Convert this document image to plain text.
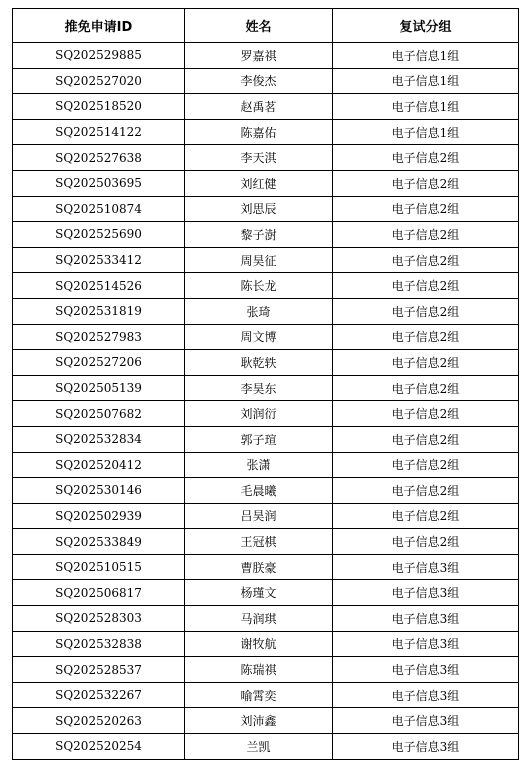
推免申请ID	姓名	复试分组
SQ202529885	罗嘉祺	电子信息1组
SQ202527020	李俊杰	电子信息1组
SQ202518520	赵禹茗	电子信息1组
SQ202514122	陈嘉佑	电子信息1组
SQ202527638	李天淇	电子信息2组
SQ202503695	刘红健	电子信息2组
SQ202510874	刘思辰	电子信息2组
SQ202525690	黎子澍	电子信息2组
SQ202533412	周昊征	电子信息2组
SQ202514526	陈长龙	电子信息2组
SQ202531819	张琦	电子信息2组
SQ202527983	周文博	电子信息2组
SQ202527206	耿乾轶	电子信息2组
SQ202505139	李昊东	电子信息2组
SQ202507682	刘润衍	电子信息2组
SQ202532834	郭子瑄	电子信息2组
SQ202520412	张潇	电子信息2组
SQ202530146	毛晨曦	电子信息2组
SQ202502939	吕昊润	电子信息2组
SQ202533849	王冠棋	电子信息2组
SQ202510515	曹朕豪	电子信息3组
SQ202506817	杨瑾文	电子信息3组
SQ202528303	马润琪	电子信息3组
SQ202532838	谢牧航	电子信息3组
SQ202528537	陈瑞祺	电子信息3组
SQ202532267	喻霄奕	电子信息3组
SQ202520263	刘沛鑫	电子信息3组
SQ202520254	兰凯	电子信息3组
